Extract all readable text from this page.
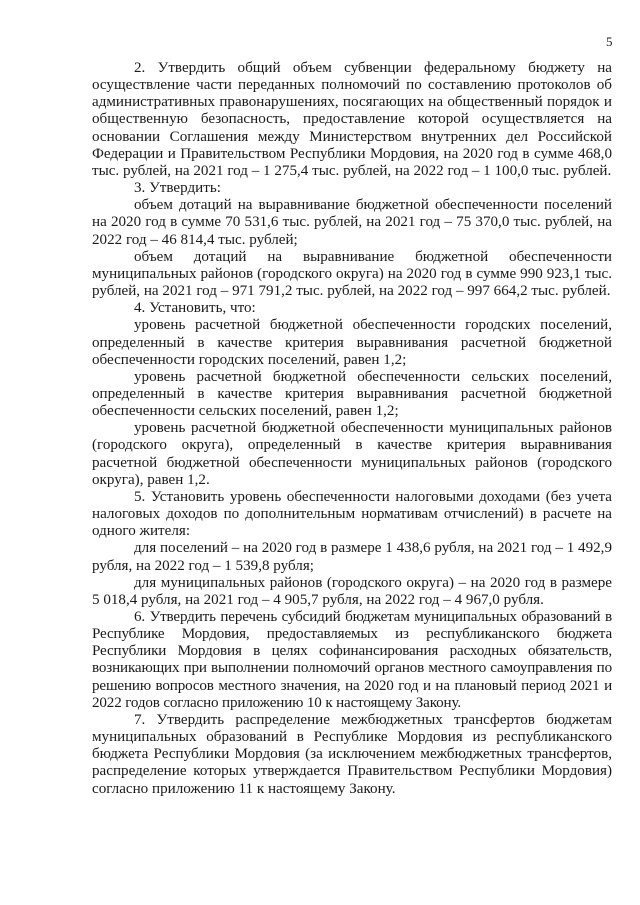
5

2. Утвердить общий объем субвенции федеральному бюджету на осуществление части переданных полномочий по составлению протоколов об административных правонарушениях, посягающих на общественный порядок и общественную безопасность, предоставление которой осуществляется на основании Соглашения между Министерством внутренних дел Российской Федерации и Правительством Республики Мордовия, на 2020 год в сумме 468,0 тыс. рублей, на 2021 год – 1 275,4 тыс. рублей, на 2022 год – 1 100,0 тыс. рублей.

3. Утвердить:

объем дотаций на выравнивание бюджетной обеспеченности поселений на 2020 год в сумме 70 531,6 тыс. рублей, на 2021 год – 75 370,0 тыс. рублей, на 2022 год – 46 814,4 тыс. рублей;

объем дотаций на выравнивание бюджетной обеспеченности муниципальных районов (городского округа) на 2020 год в сумме 990 923,1 тыс. рублей, на 2021 год – 971 791,2 тыс. рублей, на 2022 год – 997 664,2 тыс. рублей.

4. Установить, что:

уровень расчетной бюджетной обеспеченности городских поселений, определенный в качестве критерия выравнивания расчетной бюджетной обеспеченности городских поселений, равен 1,2;

уровень расчетной бюджетной обеспеченности сельских поселений, определенный в качестве критерия выравнивания расчетной бюджетной обеспеченности сельских поселений, равен 1,2;

уровень расчетной бюджетной обеспеченности муниципальных районов (городского округа), определенный в качестве критерия выравнивания расчетной бюджетной обеспеченности муниципальных районов (городского округа), равен 1,2.

5. Установить уровень обеспеченности налоговыми доходами (без учета налоговых доходов по дополнительным нормативам отчислений) в расчете на одного жителя:

для поселений – на 2020 год в размере 1 438,6 рубля, на 2021 год – 1 492,9 рубля, на 2022 год – 1 539,8 рубля;

для муниципальных районов (городского округа) – на 2020 год в размере 5 018,4 рубля, на 2021 год – 4 905,7 рубля, на 2022 год – 4 967,0 рубля.

6. Утвердить перечень субсидий бюджетам муниципальных образований в Республике Мордовия, предоставляемых из республиканского бюджета Республики Мордовия в целях софинансирования расходных обязательств, возникающих при выполнении полномочий органов местного самоуправления по решению вопросов местного значения, на 2020 год и на плановый период 2021 и 2022 годов согласно приложению 10 к настоящему Закону.

7. Утвердить распределение межбюджетных трансфертов бюджетам муниципальных образований в Республике Мордовия из республиканского бюджета Республики Мордовия (за исключением межбюджетных трансфертов, распределение которых утверждается Правительством Республики Мордовия) согласно приложению 11 к настоящему Закону.
